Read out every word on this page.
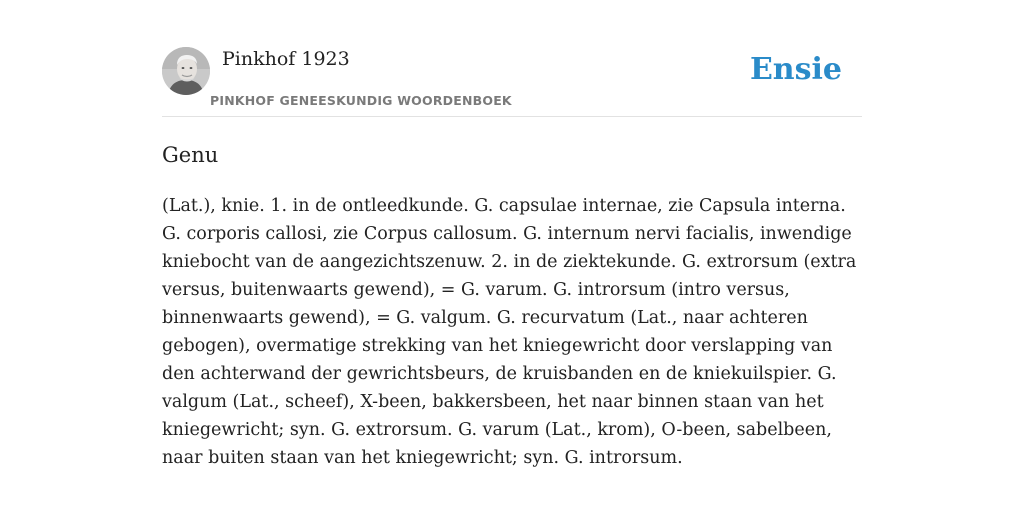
Pinkhof 1923
PINKHOF GENEESKUNDIG WOORDENBOEK
Ensie
Genu

(Lat.), knie. 1. in de ontleedkunde. G. capsulae internae, zie Capsula interna. G. corporis callosi, zie Corpus callosum. G. internum nervi facialis, inwendige kniebocht van de aangezichtszenuw. 2. in de ziektekunde. G. extrorsum (extra versus, buitenwaarts gewend), = G. varum. G. introrsum (intro versus, binnenwaarts gewend), = G. valgum. G. recurvatum (Lat., naar achteren gebogen), overmatige strekking van het kniegewricht door verslapping van den achterwand der gewrichtsbeurs, de kruisbanden en de kniekuilspier. G. valgum (Lat., scheef), X-been, bakkersbeen, het naar binnen staan van het kniegewricht; syn. G. extrorsum. G. varum (Lat., krom), O-been, sabelbeen, naar buiten staan van het kniegewricht; syn. G. introrsum.
